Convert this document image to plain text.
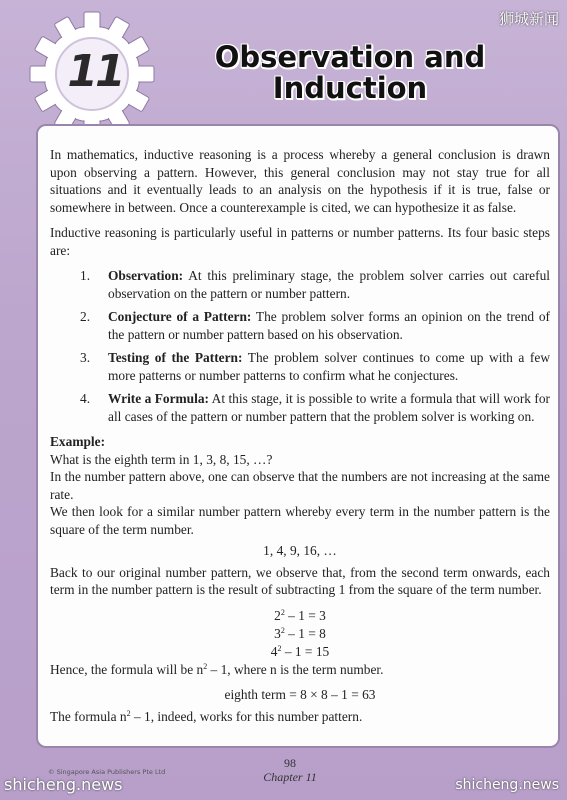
11	Observation and
Induction
狮城新闻

In mathematics, inductive reasoning is a process whereby a general conclusion is drawn upon observing a pattern. However, this general conclusion may not stay true for all situations and it eventually leads to an analysis on the hypothesis if it is true, false or somewhere in between. Once a counterexample is cited, we can hypothesize it as false.

Inductive reasoning is particularly useful in patterns or number patterns. Its four basic steps are:

1.	Observation: At this preliminary stage, the problem solver carries out careful observation on the pattern or number pattern.
2.	Conjecture of a Pattern: The problem solver forms an opinion on the trend of the pattern or number pattern based on his observation.
3.	Testing of the Pattern: The problem solver continues to come up with a few more patterns or number patterns to confirm what he conjectures.
4.	Write a Formula: At this stage, it is possible to write a formula that will work for all cases of the pattern or number pattern that the problem solver is working on.

Example:

What is the eighth term in 1, 3, 8, 15, …?

In the number pattern above, one can observe that the numbers are not increasing at the same rate.

We then look for a similar number pattern whereby every term in the number pattern is the square of the term number.

1, 4, 9, 16, …

Back to our original number pattern, we observe that, from the second term onwards, each term in the number pattern is the result of subtracting 1 from the square of the term number.

$2^2 - 1 = 3$
$3^2 - 1 = 8$
$4^2 - 1 = 15$

Hence, the formula will be $n^2 - 1$, where n is the term number.

eighth term = 8 × 8 – 1 = 63

The formula $n^2 - 1$, indeed, works for this number pattern.

© Singapore Asia Publishers Pte Ltd
98
Chapter 11
shicheng.news	shicheng.news
